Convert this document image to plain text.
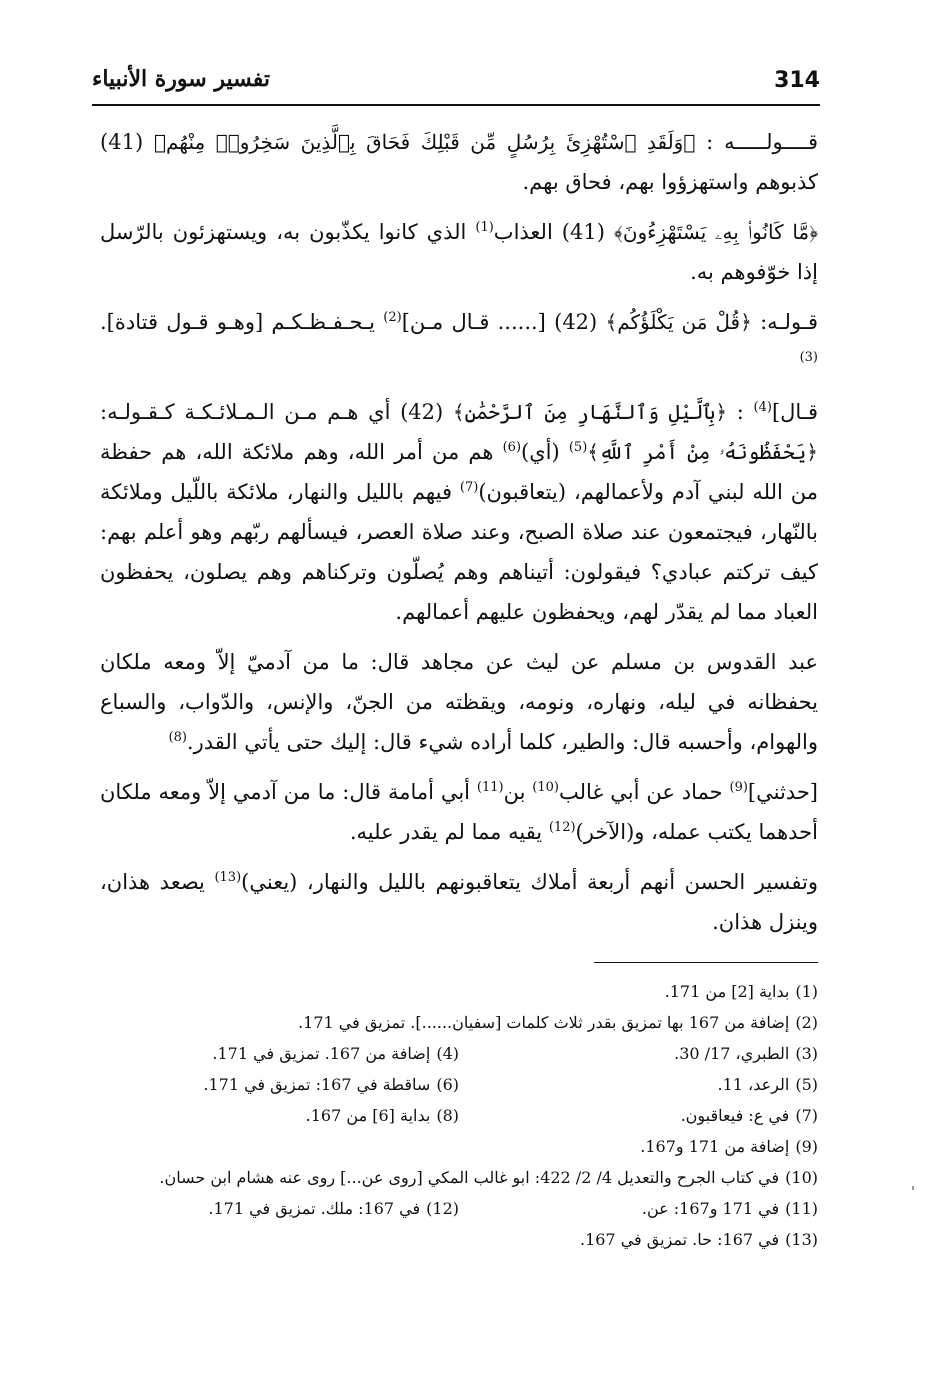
314
تفسير سورة الأنبياء

قــــولـــــه : ﴿وَلَقَدِ ٱسْتُهْزِئَ بِرُسُلٍ مِّن قَبْلِكَ فَحَاقَ بِٱلَّذِينَ سَخِرُوا۟ مِنْهُم﴾ (41) كذبوهم واستهزؤوا بهم، فحاق بهم.

﴿مَّا كَانُوا۟ بِهِۦ يَسْتَهْزِءُونَ﴾ (41) العذاب$^{(1)}$ الذي كانوا يكذّبون به، ويستهزئون بالرّسل إذا خوّفوهم به.

قـولـه: ﴿قُلْ مَن يَكْلَؤُكُم﴾ (42) [...... قـال مـن]$^{(2)}$ يـحـفـظـكـم [وهـو قـول قتادة].$^{(3)}$

قـال]$^{(4)}$ : ﴿بِٱلَّيْلِ وَٱلنَّهَارِ مِنَ ٱلرَّحْمَٰنِ﴾ (42) أي هـم مـن الـمـلائـكـة كـقـولـه: ﴿يَحْفَظُونَهُۥ مِنْ أَمْرِ ٱللَّهِ﴾$^{(5)}$ (أي)$^{(6)}$ هم من أمر الله، وهم ملائكة الله، هم حفظة من الله لبني آدم ولأعمالهم، (يتعاقبون)$^{(7)}$ فيهم بالليل والنهار، ملائكة باللّيل وملائكة بالنّهار، فيجتمعون عند صلاة الصبح، وعند صلاة العصر، فيسألهم ربّهم وهو أعلم بهم: كيف تركتم عبادي؟ فيقولون: أتيناهم وهم يُصلّون وتركناهم وهم يصلون، يحفظون العباد مما لم يقدّر لهم، ويحفظون عليهم أعمالهم.

عبد القدوس بن مسلم عن ليث عن مجاهد قال: ما من آدميّ إلاّ ومعه ملكان يحفظانه في ليله، ونهاره، ونومه، ويقظته من الجنّ، والإنس، والدّواب، والسباع والهوام، وأحسبه قال: والطير، كلما أراده شيء قال: إليك حتى يأتي القدر.$^{(8)}$

[حدثني]$^{(9)}$ حماد عن أبي غالب$^{(10)}$ بن$^{(11)}$ أبي أمامة قال: ما من آدمي إلاّ ومعه ملكان أحدهما يكتب عمله، و(الآخر)$^{(12)}$ يقيه مما لم يقدر عليه.

وتفسير الحسن أنهم أربعة أملاك يتعاقبونهم بالليل والنهار، (يعني)$^{(13)}$ يصعد هذان، وينزل هذان.

(1)بداية [2] من 171.
(2)إضافة من 167 بها تمزيق بقدر ثلاث كلمات [سفيان......]. تمزيق في 171.
(3)الطبري، 17/ 30.
(4)إضافة من 167. تمزيق في 171.
(5)الرعد، 11.
(6)ساقطة في 167: تمزيق في 171.
(7)في ع: فيعاقبون.
(8)بداية [6] من 167.
(9)إضافة من 171 و167.
(10)في كتاب الجرح والتعديل 4/ 2/ 422: ابو غالب المكي [روى عن...] روى عنه هشام ابن حسان.
(11)في 171 و167: عن.
(12)في 167: ملك. تمزيق في 171.
(13)في 167: حا. تمزيق في 167.
